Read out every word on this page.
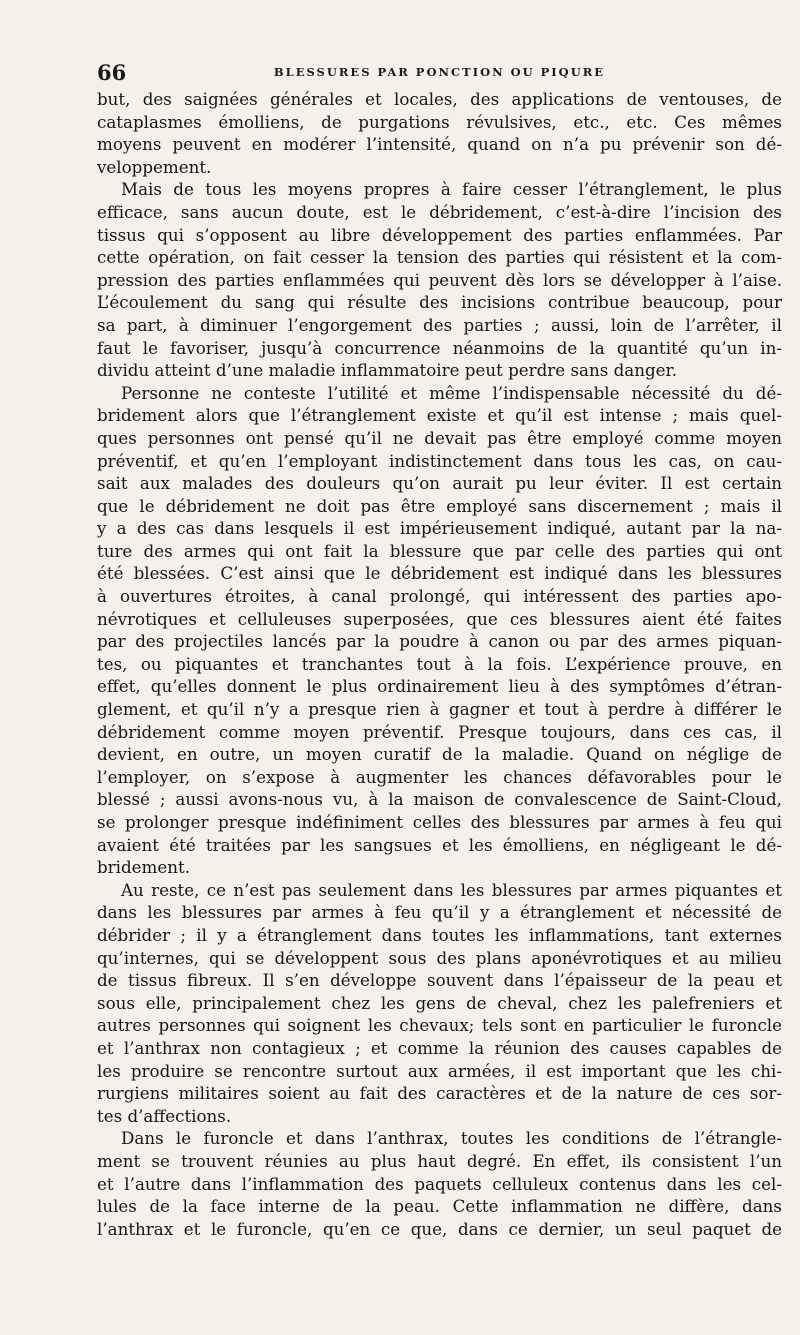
66	BLESSURES PAR PONCTION OU PIQURE
but, des saignées générales et locales, des applications de ventouses, de
cataplasmes émolliens, de purgations révulsives, etc., etc. Ces mêmes
moyens peuvent en modérer l’intensité, quand on n’a pu prévenir son dé-
veloppement.
Mais de tous les moyens propres à faire cesser l’étranglement, le plus
efficace, sans aucun doute, est le débridement, c’est-à-dire l’incision des
tissus qui s’opposent au libre développement des parties enflammées. Par
cette opération, on fait cesser la tension des parties qui résistent et la com-
pression des parties enflammées qui peuvent dès lors se développer à l’aise.
L’écoulement du sang qui résulte des incisions contribue beaucoup, pour
sa part, à diminuer l’engorgement des parties ; aussi, loin de l’arrêter, il
faut le favoriser, jusqu’à concurrence néanmoins de la quantité qu’un in-
dividu atteint d’une maladie inflammatoire peut perdre sans danger.
Personne ne conteste l’utilité et même l’indispensable nécessité du dé-
bridement alors que l’étranglement existe et qu’il est intense ; mais quel-
ques personnes ont pensé qu’il ne devait pas être employé comme moyen
préventif, et qu’en l’employant indistinctement dans tous les cas, on cau-
sait aux malades des douleurs qu’on aurait pu leur éviter. Il est certain
que le débridement ne doit pas être employé sans discernement ; mais il
y a des cas dans lesquels il est impérieusement indiqué, autant par la na-
ture des armes qui ont fait la blessure que par celle des parties qui ont
été blessées. C’est ainsi que le débridement est indiqué dans les blessures
à ouvertures étroites, à canal prolongé, qui intéressent des parties apo-
névrotiques et celluleuses superposées, que ces blessures aient été faites
par des projectiles lancés par la poudre à canon ou par des armes piquan-
tes, ou piquantes et tranchantes tout à la fois. L’expérience prouve, en
effet, qu’elles donnent le plus ordinairement lieu à des symptômes d’étran-
glement, et qu’il n’y a presque rien à gagner et tout à perdre à différer le
débridement comme moyen préventif. Presque toujours, dans ces cas, il
devient, en outre, un moyen curatif de la maladie. Quand on néglige de
l’employer, on s’expose à augmenter les chances défavorables pour le
blessé ; aussi avons-nous vu, à la maison de convalescence de Saint-Cloud,
se prolonger presque indéfiniment celles des blessures par armes à feu qui
avaient été traitées par les sangsues et les émolliens, en négligeant le dé-
bridement.
Au reste, ce n’est pas seulement dans les blessures par armes piquantes et
dans les blessures par armes à feu qu’il y a étranglement et nécessité de
débrider ; il y a étranglement dans toutes les inflammations, tant externes
qu’internes, qui se développent sous des plans aponévrotiques et au milieu
de tissus fibreux. Il s’en développe souvent dans l’épaisseur de la peau et
sous elle, principalement chez les gens de cheval, chez les palefreniers et
autres personnes qui soignent les chevaux; tels sont en particulier le furoncle
et l’anthrax non contagieux ; et comme la réunion des causes capables de
les produire se rencontre surtout aux armées, il est important que les chi-
rurgiens militaires soient au fait des caractères et de la nature de ces sor-
tes d’affections.
Dans le furoncle et dans l’anthrax, toutes les conditions de l’étrangle-
ment se trouvent réunies au plus haut degré. En effet, ils consistent l’un
et l’autre dans l’inflammation des paquets celluleux contenus dans les cel-
lules de la face interne de la peau. Cette inflammation ne diffère, dans
l’anthrax et le furoncle, qu’en ce que, dans ce dernier, un seul paquet de
